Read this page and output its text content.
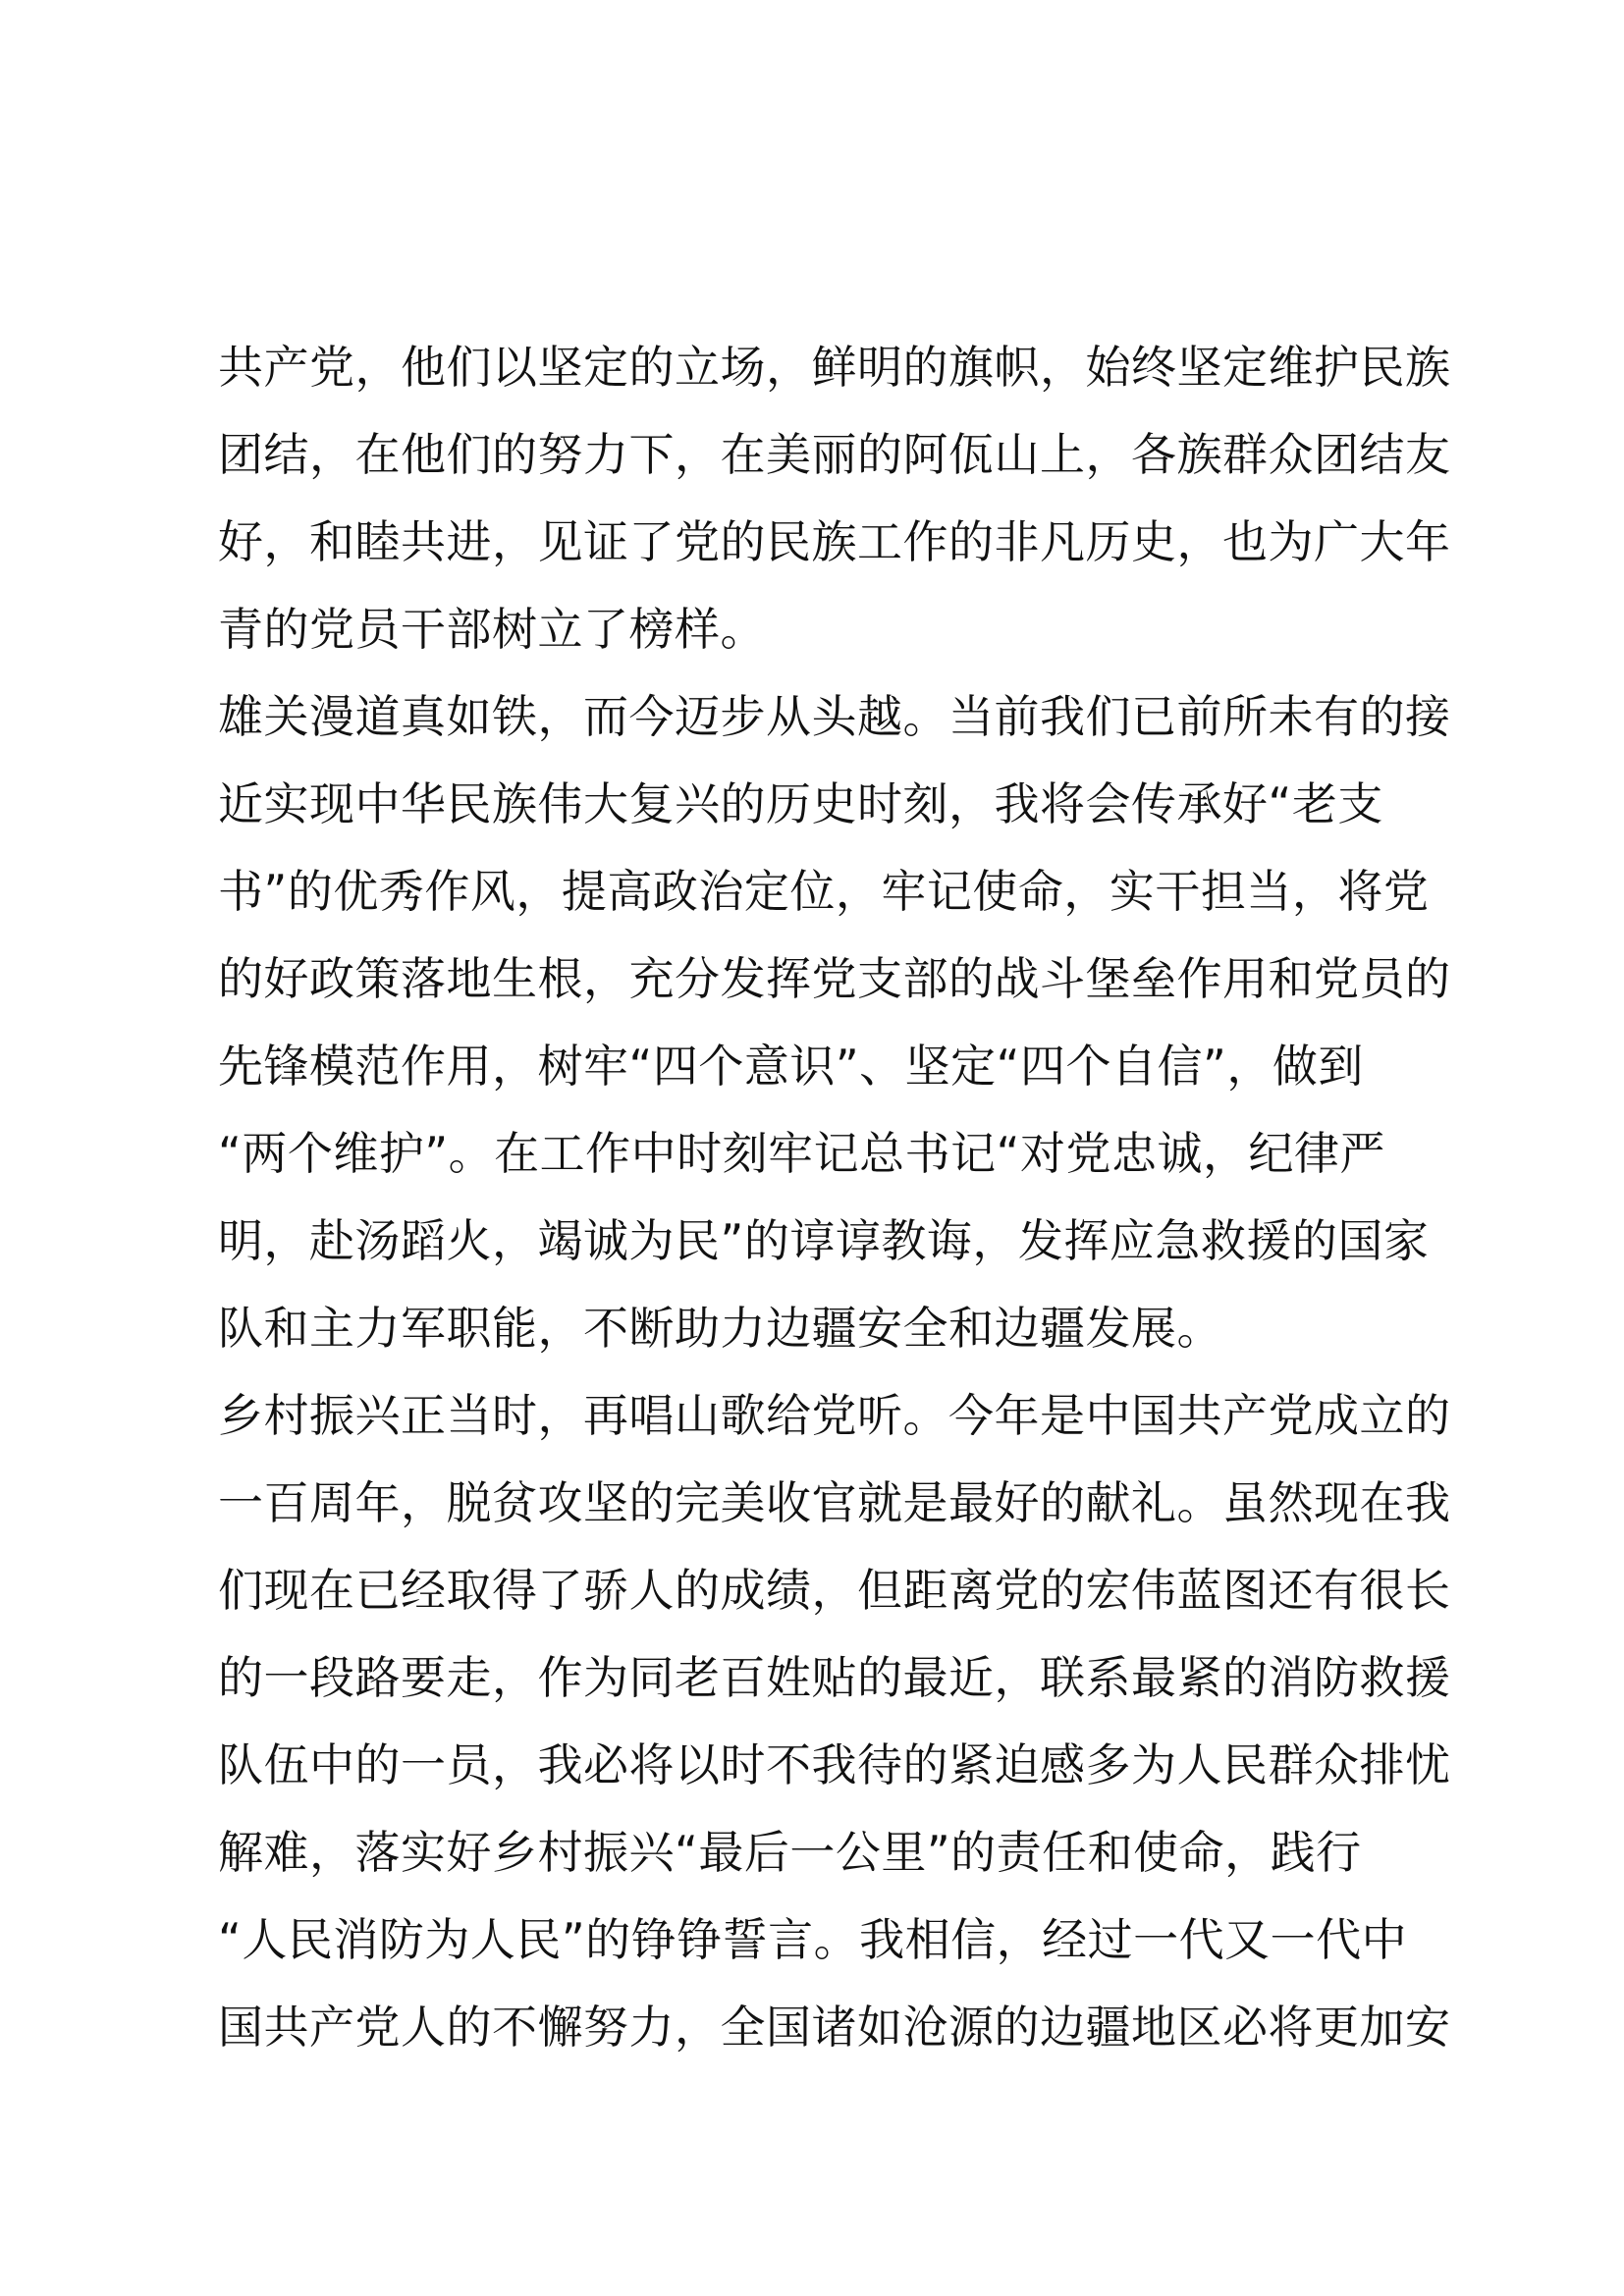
共产党，他们以坚定的立场，鲜明的旗帜，始终坚定维护民族
团结，在他们的努力下，在美丽的阿佤山上，各族群众团结友
好，和睦共进，见证了党的民族工作的非凡历史，也为广大年
青的党员干部树立了榜样。
雄关漫道真如铁，而今迈步从头越。当前我们已前所未有的接
近实现中华民族伟大复兴的历史时刻，我将会传承好“老支
书”的优秀作风，提高政治定位，牢记使命，实干担当，将党
的好政策落地生根，充分发挥党支部的战斗堡垒作用和党员的
先锋模范作用，树牢“四个意识”、坚定“四个自信”，做到
“两个维护”。在工作中时刻牢记总书记“对党忠诚，纪律严
明，赴汤蹈火，竭诚为民”的谆谆教诲，发挥应急救援的国家
队和主力军职能，不断助力边疆安全和边疆发展。
乡村振兴正当时，再唱山歌给党听。今年是中国共产党成立的
一百周年，脱贫攻坚的完美收官就是最好的献礼。虽然现在我
们现在已经取得了骄人的成绩，但距离党的宏伟蓝图还有很长
的一段路要走，作为同老百姓贴的最近，联系最紧的消防救援
队伍中的一员，我必将以时不我待的紧迫感多为人民群众排忧
解难，落实好乡村振兴“最后一公里”的责任和使命，践行
“人民消防为人民”的铮铮誓言。我相信，经过一代又一代中
国共产党人的不懈努力，全国诸如沧源的边疆地区必将更加安
